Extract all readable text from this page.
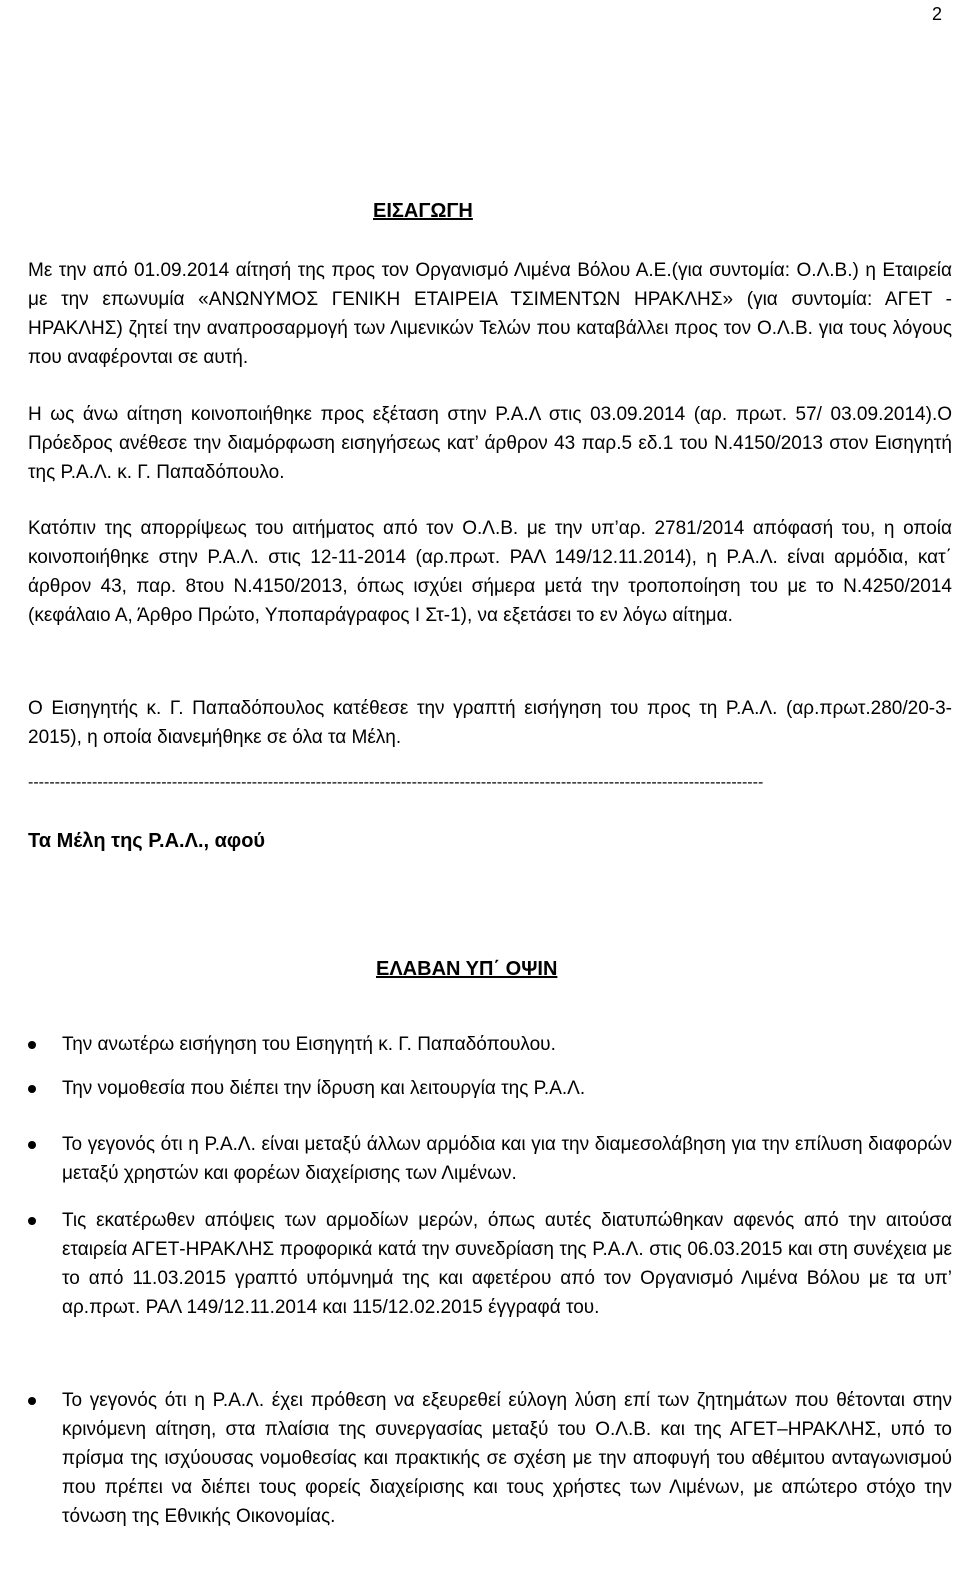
2
ΕΙΣΑΓΩΓΗ
Με την από 01.09.2014 αίτησή της προς τον Οργανισμό Λιμένα Βόλου Α.Ε.(για συντομία: Ο.Λ.Β.) η Εταιρεία με την επωνυμία «ΑΝΩΝΥΜΟΣ ΓΕΝΙΚΗ ΕΤΑΙΡΕΙΑ ΤΣΙΜΕΝΤΩΝ ΗΡΑΚΛΗΣ» (για συντομία: ΑΓΕΤ - ΗΡΑΚΛΗΣ) ζητεί την αναπροσαρμογή των Λιμενικών Τελών που καταβάλλει προς τον Ο.Λ.Β. για τους λόγους που αναφέρονται σε αυτή.
Η ως άνω αίτηση κοινοποιήθηκε προς εξέταση στην Ρ.Α.Λ στις 03.09.2014 (αρ. πρωτ. 57/ 03.09.2014).Ο Πρόεδρος ανέθεσε την διαμόρφωση εισηγήσεως κατ’ άρθρον 43 παρ.5 εδ.1 του Ν.4150/2013 στον Εισηγητή της Ρ.Α.Λ. κ. Γ. Παπαδόπουλο.
Κατόπιν της απορρίψεως του αιτήματος από τον Ο.Λ.Β. με την υπ’αρ. 2781/2014 απόφασή του, η οποία κοινοποιήθηκε στην Ρ.Α.Λ. στις 12-11-2014 (αρ.πρωτ. ΡΑΛ 149/12.11.2014), η Ρ.Α.Λ. είναι αρμόδια, κατ΄ άρθρον 43, παρ. 8του Ν.4150/2013, όπως ισχύει σήμερα μετά την τροποποίηση του με το Ν.4250/2014 (κεφάλαιο Α, Άρθρο Πρώτο, Υποπαράγραφος Ι Στ-1), να εξετάσει το εν λόγω αίτημα.
Ο Εισηγητής κ. Γ. Παπαδόπουλος κατέθεσε την γραπτή εισήγηση του προς τη Ρ.Α.Λ. (αρ.πρωτ.280/20-3-2015), η οποία διανεμήθηκε σε όλα τα Μέλη.
------------------------------------------------------------------------------------------------------------------------------------------
Τα Μέλη της Ρ.Α.Λ., αφού
ΕΛΑΒΑΝ ΥΠ΄ ΟΨΙΝ
Την ανωτέρω εισήγηση του Εισηγητή κ. Γ. Παπαδόπουλου.
Την νομοθεσία που διέπει την ίδρυση και λειτουργία της Ρ.Α.Λ.
Το γεγονός ότι η Ρ.Α.Λ. είναι μεταξύ άλλων αρμόδια και για την διαμεσολάβηση για την επίλυση διαφορών μεταξύ χρηστών και φορέων διαχείρισης των Λιμένων.
Τις εκατέρωθεν απόψεις των αρμοδίων μερών, όπως αυτές διατυπώθηκαν αφενός από την αιτούσα εταιρεία ΑΓΕΤ-ΗΡΑΚΛΗΣ προφορικά κατά την συνεδρίαση της Ρ.Α.Λ. στις 06.03.2015 και στη συνέχεια με το από 11.03.2015 γραπτό υπόμνημά της και αφετέρου από τον Οργανισμό Λιμένα Βόλου με τα υπ’ αρ.πρωτ. ΡΑΛ 149/12.11.2014 και 115/12.02.2015 έγγραφά του.
Το γεγονός ότι η Ρ.Α.Λ. έχει πρόθεση να εξευρεθεί εύλογη λύση επί των ζητημάτων που θέτονται στην κρινόμενη αίτηση, στα πλαίσια της συνεργασίας μεταξύ του Ο.Λ.Β. και της ΑΓΕΤ–ΗΡΑΚΛΗΣ, υπό το πρίσμα της ισχύουσας νομοθεσίας και πρακτικής σε σχέση με την αποφυγή του αθέμιτου ανταγωνισμού που πρέπει να διέπει τους φορείς διαχείρισης και τους χρήστες των Λιμένων, με απώτερο στόχο την τόνωση της Εθνικής Οικονομίας.
